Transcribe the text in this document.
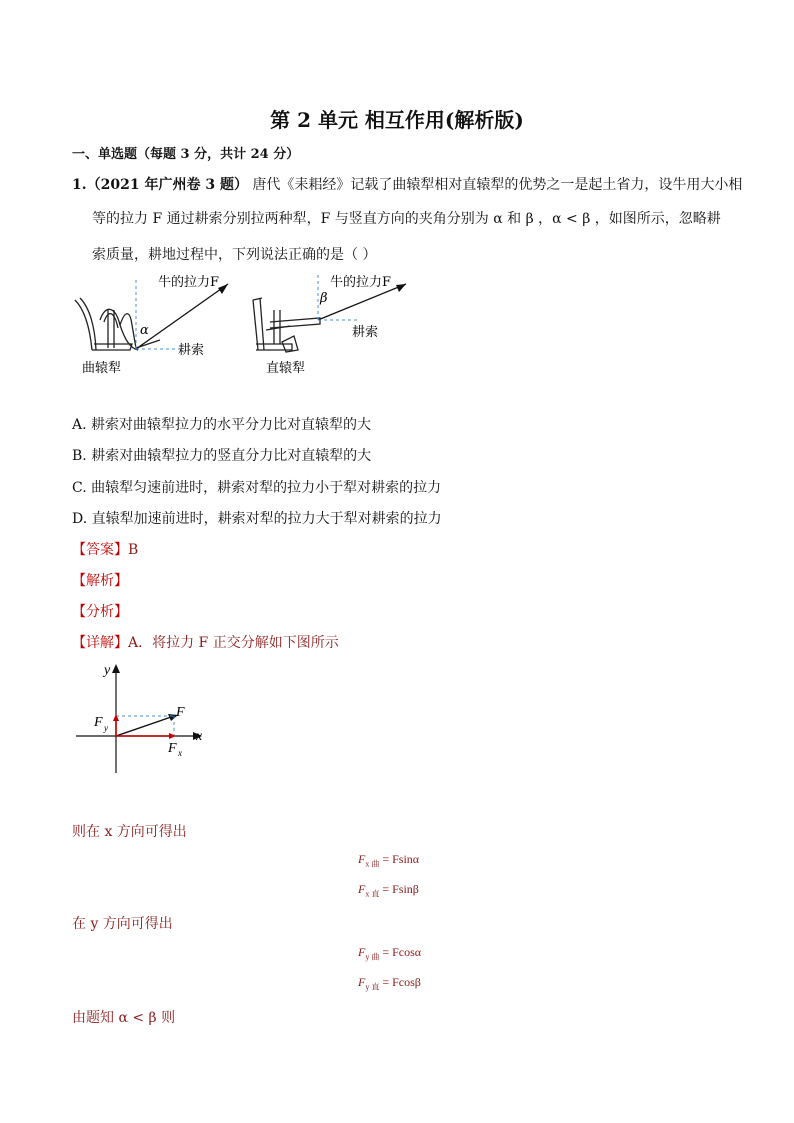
第 2 单元 相互作用(解析版)
一、单选题（每题 3 分，共计 24 分）
1.（2021 年广州卷 3 题） 唐代《耒耜经》记载了曲辕犁相对直辕犁的优势之一是起土省力，设牛用大小相
等的拉力 F 通过耕索分别拉两种犁，F 与竖直方向的夹角分别为 α 和 β ，α < β ，如图所示，忽略耕
索质量，耕地过程中，下列说法正确的是（ ）
牛的拉力F
α
耕索
曲辕犁
牛的拉力F
β
耕索
直辕犁
A. 耕索对曲辕犁拉力的水平分力比对直辕犁的大
B. 耕索对曲辕犁拉力的竖直分力比对直辕犁的大
C. 曲辕犁匀速前进时，耕索对犁的拉力小于犁对耕索的拉力
D. 直辕犁加速前进时，耕索对犁的拉力大于犁对耕索的拉力
【答案】B
【解析】
【分析】
【详解】A．将拉力 F 正交分解如下图所示
y
x
F
F y
F x
则在 x 方向可得出
$F_{x 曲} = Fsin\alpha$
$F_{x 直} = Fsin\beta$
在 y 方向可得出
$F_{y 曲} = Fcos\alpha$
$F_{y 直} = Fcos\beta$
由题知 α < β 则
